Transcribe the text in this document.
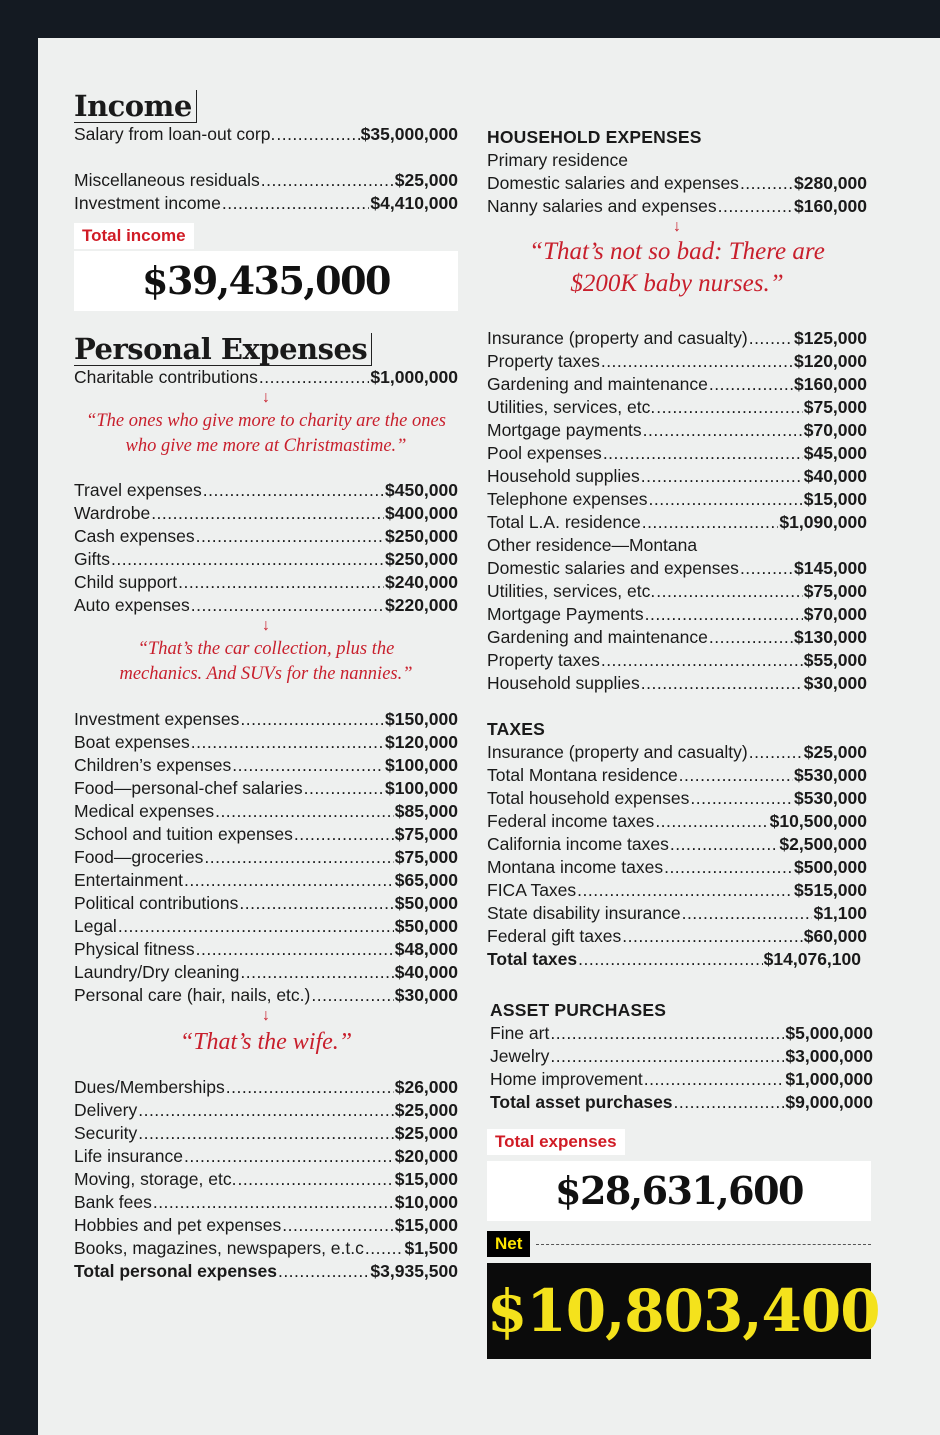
Income
Salary from loan-out corp. .....	$35,000,000
Miscellaneous residuals .....	$25,000
Investment income .....	$4,410,000
Total income
$39,435,000
Personal Expenses
Charitable contributions .....	$1,000,000
↓
“The ones who give more to charity are the ones who give me more at Christmastime.”
Travel expenses .....	$450,000
Wardrobe .....	$400,000
Cash expenses .....	$250,000
Gifts .....	$250,000
Child support .....	$240,000
Auto expenses .....	$220,000
↓
“That’s the car collection, plus the mechanics. And SUVs for the nannies.”
Investment expenses .....	$150,000
Boat expenses .....	$120,000
Children’s expenses .....	$100,000
Food—personal-chef salaries .....	$100,000
Medical expenses .....	$85,000
School and tuition expenses .....	$75,000
Food—groceries .....	$75,000
Entertainment .....	$65,000
Political contributions .....	$50,000
Legal .....	$50,000
Physical fitness .....	$48,000
Laundry/Dry cleaning .....	$40,000
Personal care (hair, nails, etc.) .....	$30,000
↓
“That’s the wife.”
Dues/Memberships .....	$26,000
Delivery .....	$25,000
Security .....	$25,000
Life insurance .....	$20,000
Moving, storage, etc. .....	$15,000
Bank fees .....	$10,000
Hobbies and pet expenses .....	$15,000
Books, magazines, newspapers, e.t.c ..... $1,500
Total personal expenses .....	$3,935,500
HOUSEHOLD EXPENSES
Primary residence
Domestic salaries and expenses .....	$280,000
Nanny salaries and expenses .....	$160,000
↓
“That’s not so bad: There are $200K baby nurses.”
Insurance (property and casualty) .....	$125,000
Property taxes .....	$120,000
Gardening and maintenance .....	$160,000
Utilities, services, etc. .....	$75,000
Mortgage payments .....	$70,000
Pool expenses .....	$45,000
Household supplies .....	$40,000
Telephone expenses .....	$15,000
Total L.A. residence .....	$1,090,000
Other residence—Montana
Domestic salaries and expenses .....	$145,000
Utilities, services, etc. .....	$75,000
Mortgage Payments .....	$70,000
Gardening and maintenance .....	$130,000
Property taxes .....	$55,000
Household supplies .....	$30,000
TAXES
Insurance (property and casualty) .....	$25,000
Total Montana residence .....	$530,000
Total household expenses .....	$530,000
Federal income taxes .....	$10,500,000
California income taxes .....	$2,500,000
Montana income taxes .....	$500,000
FICA Taxes .....	$515,000
State disability insurance .....	$1,100
Federal gift taxes .....	$60,000
Total taxes .....	$14,076,100
ASSET PURCHASES
Fine art .....	$5,000,000
Jewelry .....	$3,000,000
Home improvement .....	$1,000,000
Total asset purchases .....	$9,000,000
Total expenses
$28,631,600
Net
$10,803,400
